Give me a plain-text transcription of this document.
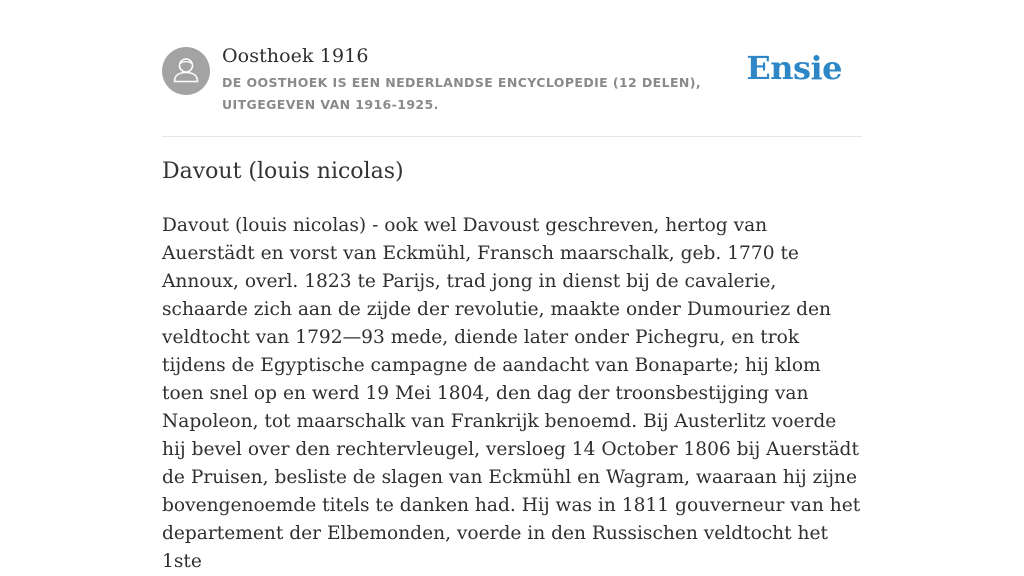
Oosthoek 1916
DE OOSTHOEK IS EEN NEDERLANDSE ENCYCLOPEDIE (12 DELEN), UITGEGEVEN VAN 1916-1925.
Ensie
Davout (louis nicolas)

Davout (louis nicolas) - ook wel Davoust geschreven, hertog van Auerstädt en vorst van Eckmühl, Fransch maarschalk, geb. 1770 te Annoux, overl. 1823 te Parijs, trad jong in dienst bij de cavalerie, schaarde zich aan de zijde der revolutie, maakte onder Dumouriez den veldtocht van 1792—93 mede, diende later onder Pichegru, en trok tijdens de Egyptische campagne de aandacht van Bonaparte; hij klom toen snel op en werd 19 Mei 1804, den dag der troonsbestijging van Napoleon, tot maarschalk van Frankrijk benoemd. Bij Austerlitz voerde hij bevel over den rechtervleugel, versloeg 14 October 1806 bij Auerstädt de Pruisen, besliste de slagen van Eckmühl en Wagram, waaraan hij zijne bovengenoemde titels te danken had. Hij was in 1811 gouverneur van het departement der Elbemonden, voerde in den Russischen veldtocht het 1ste
